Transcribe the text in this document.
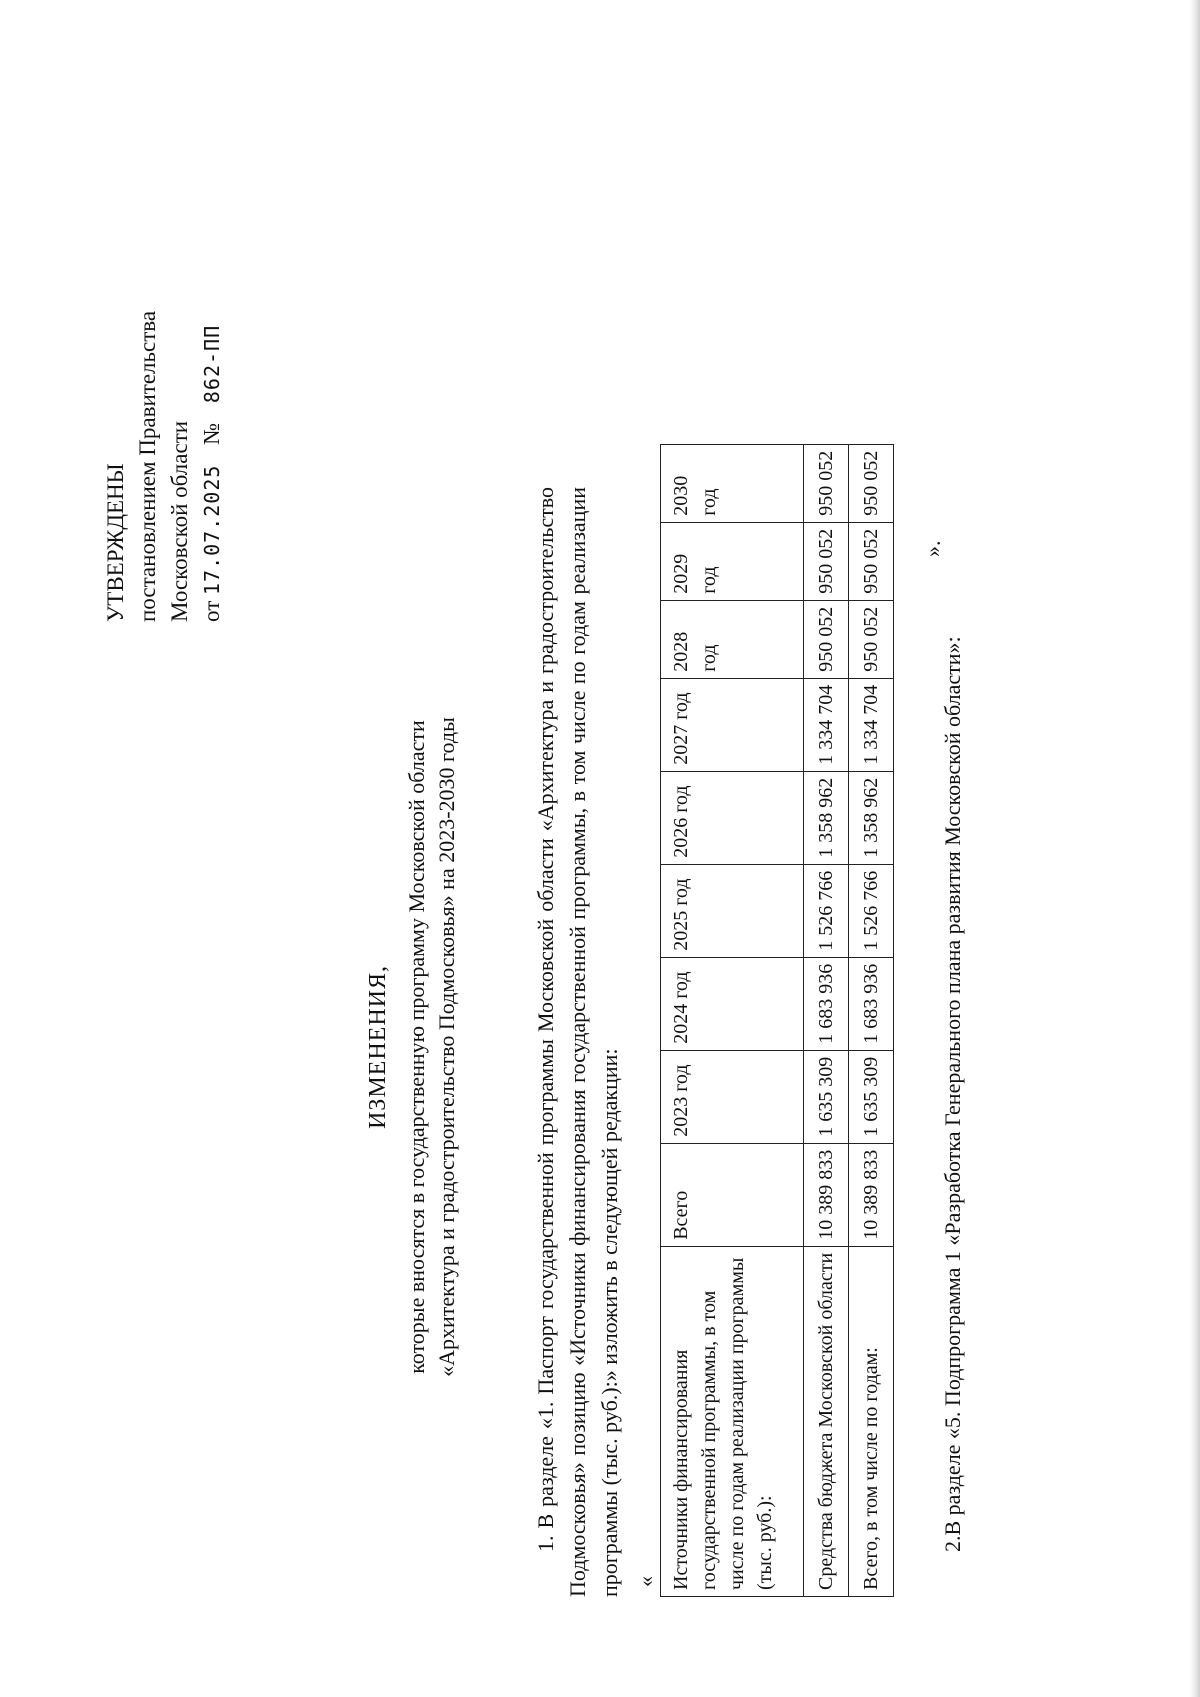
УТВЕРЖДЕНЫ постановлением Правительства Московской области от 17.07.2025 № 862-ПП
ИЗМЕНЕНИЯ, которые вносятся в государственную программу Московской области «Архитектура и градостроительство Подмосковья» на 2023-2030 годы	1. В разделе «1. Паспорт государственной программы Московской области «Архитектура и градостроительство Подмосковья» позицию «Источники финансирования государственной программы, в том числе по годам реализации программы (тыс. руб.):» изложить в следующей редакции: « Источники финансирования государственной программы, в том числе по годам реализации программы (тыс. руб.):	Всего	2023 год	2024 год	2025 год	2026 год	2027 год	2028 год	2029 год	2030 год
Средства бюджета Московской области	10 389 833	1 635 309	1 683 936	1 526 766	1 358 962	1 334 704	950 052	950 052	950 052
Всего, в том числе по годам:	10 389 833	1 635 309	1 683 936	1 526 766	1 358 962	1 334 704	950 052	950 052	950 052
».
2.В разделе «5. Подпрограмма 1 «Разработка Генерального плана развития Московской области»:
